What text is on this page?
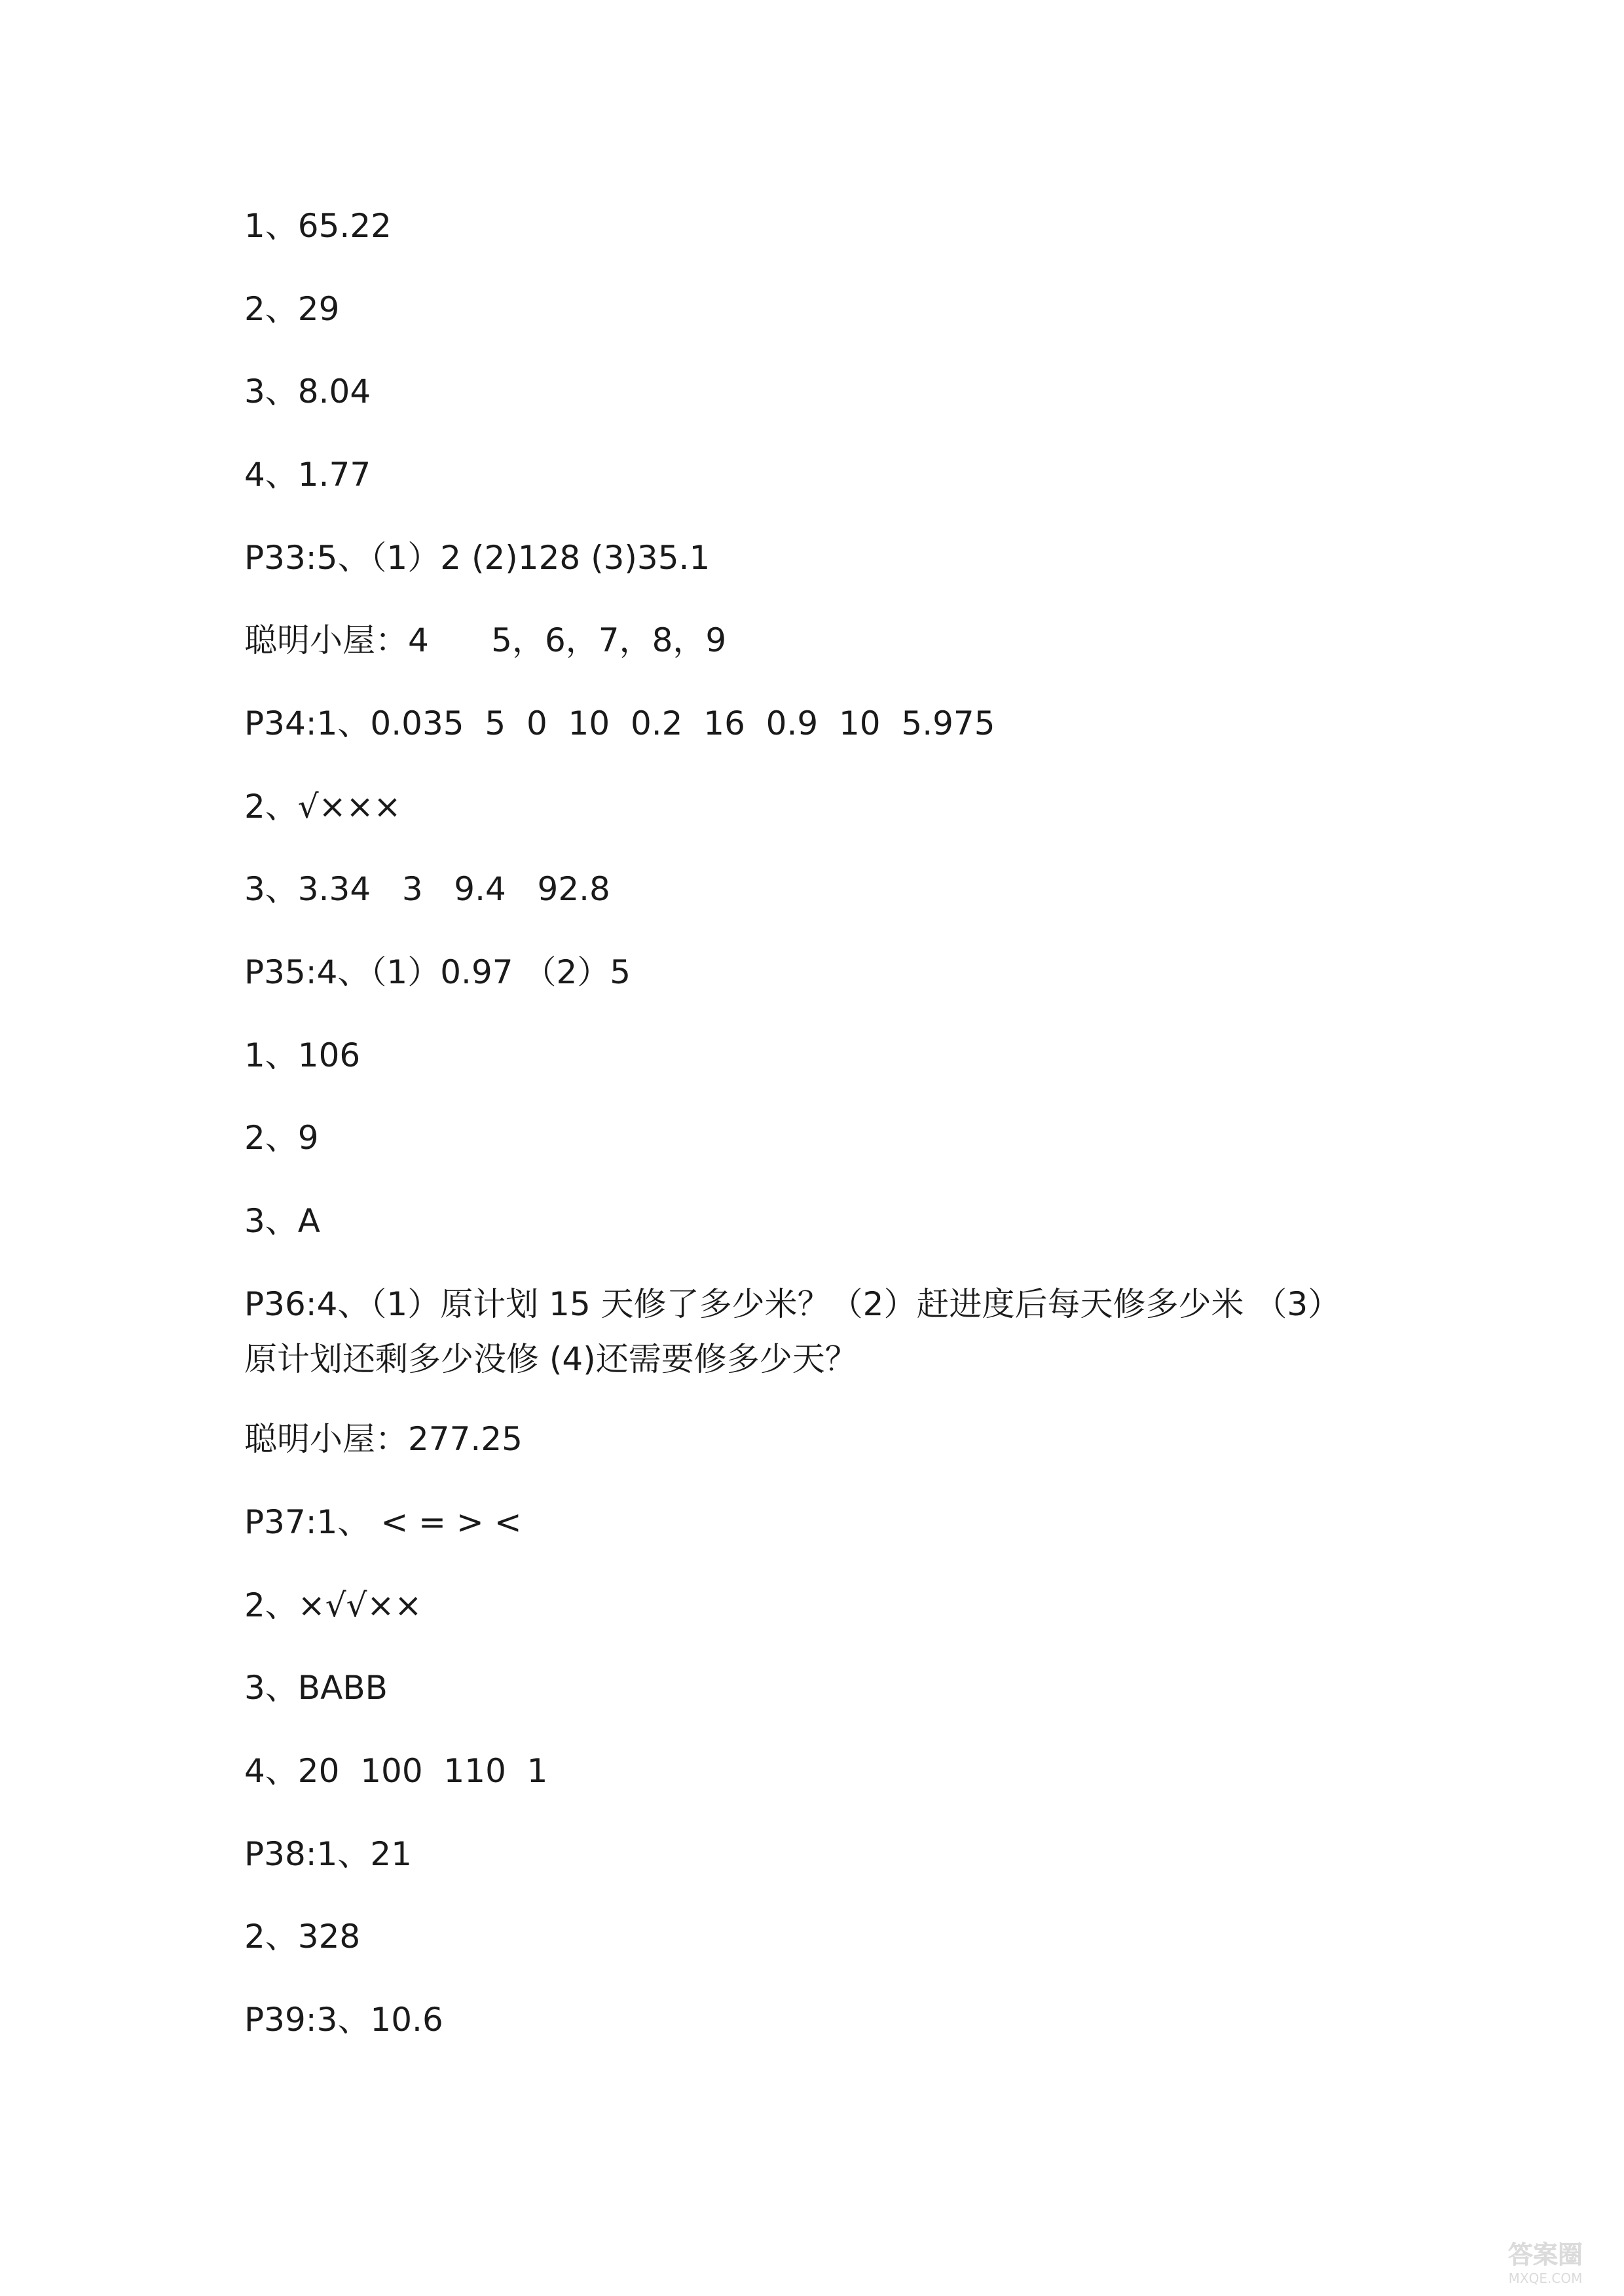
1、65.22
2、29
3、8.04
4、1.77
P33:5、（1）2 (2)128 (3)35.1
聪明小屋：4      5，6，7，8，9
P34:1、0.035  5  0  10  0.2  16  0.9  10  5.975
2、√×××
3、3.34   3   9.4   92.8
P35:4、（1）0.97 （2）5
1、106
2、9
3、A
P36:4、（1）原计划 15 天修了多少米？（2）赶进度后每天修多少米 （3）原计划还剩多少没修 (4)还需要修多少天？
聪明小屋：277.25
P37:1、 < = > <
2、×√√××
3、BABB
4、20  100  110  1
P38:1、21
2、328
P39:3、10.6
答案圈
MXQE.COM
